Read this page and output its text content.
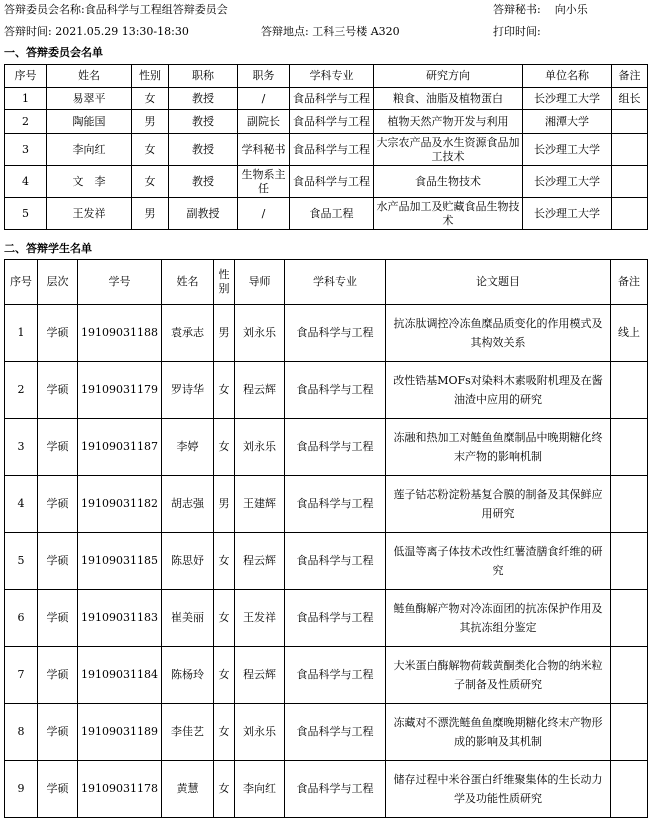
答辩委员会名称:食品科学与工程组答辩委员会	答辩秘书: 向小乐
答辩时间: 2021.05.29 13:30-18:30	答辩地点: 工科三号楼 A320	打印时间:
一、答辩委员会名单
序号	姓名	性别	职称	职务	学科专业	研究方向	单位名称	备注
1	易翠平	女	教授	/	食品科学与工程	粮食、油脂及植物蛋白	长沙理工大学	组长
2	陶能国	男	教授	副院长	食品科学与工程	植物天然产物开发与利用	湘潭大学	
3	李向红	女	教授	学科秘书	食品科学与工程	大宗农产品及水生资源食品加工技术	长沙理工大学	
4	文　李	女	教授	生物系主任	食品科学与工程	食品生物技术	长沙理工大学	
5	王发祥	男	副教授	/	食品工程	水产品加工及贮藏食品生物技术	长沙理工大学	
二、答辩学生名单
序号	层次	学号	姓名	性别	导师	学科专业	论文题目	备注
1	学硕	19109031188	袁承志	男	刘永乐	食品科学与工程	抗冻肽调控冷冻鱼糜品质变化的作用模式及其构效关系	线上
2	学硕	19109031179	罗诗华	女	程云辉	食品科学与工程	改性锆基MOFs对染料木素吸附机理及在酱油渣中应用的研究	
3	学硕	19109031187	李婷	女	刘永乐	食品科学与工程	冻融和热加工对鲢鱼鱼糜制品中晚期糖化终末产物的影响机制	
4	学硕	19109031182	胡志强	男	王建辉	食品科学与工程	莲子钴芯粉淀粉基复合膜的制备及其保鲜应用研究	
5	学硕	19109031185	陈思妤	女	程云辉	食品科学与工程	低温等离子体技术改性红薯渣膳食纤维的研究	
6	学硕	19109031183	崔美丽	女	王发祥	食品科学与工程	鲢鱼酶解产物对冷冻面团的抗冻保护作用及其抗冻组分鉴定	
7	学硕	19109031184	陈杨玲	女	程云辉	食品科学与工程	大米蛋白酶解物荷载黄酮类化合物的纳米粒子制备及性质研究	
8	学硕	19109031189	李佳艺	女	刘永乐	食品科学与工程	冻藏对不漂洗鲢鱼鱼糜晚期糖化终末产物形成的影响及其机制	
9	学硕	19109031178	黄慧	女	李向红	食品科学与工程	储存过程中米谷蛋白纤维聚集体的生长动力学及功能性质研究	
